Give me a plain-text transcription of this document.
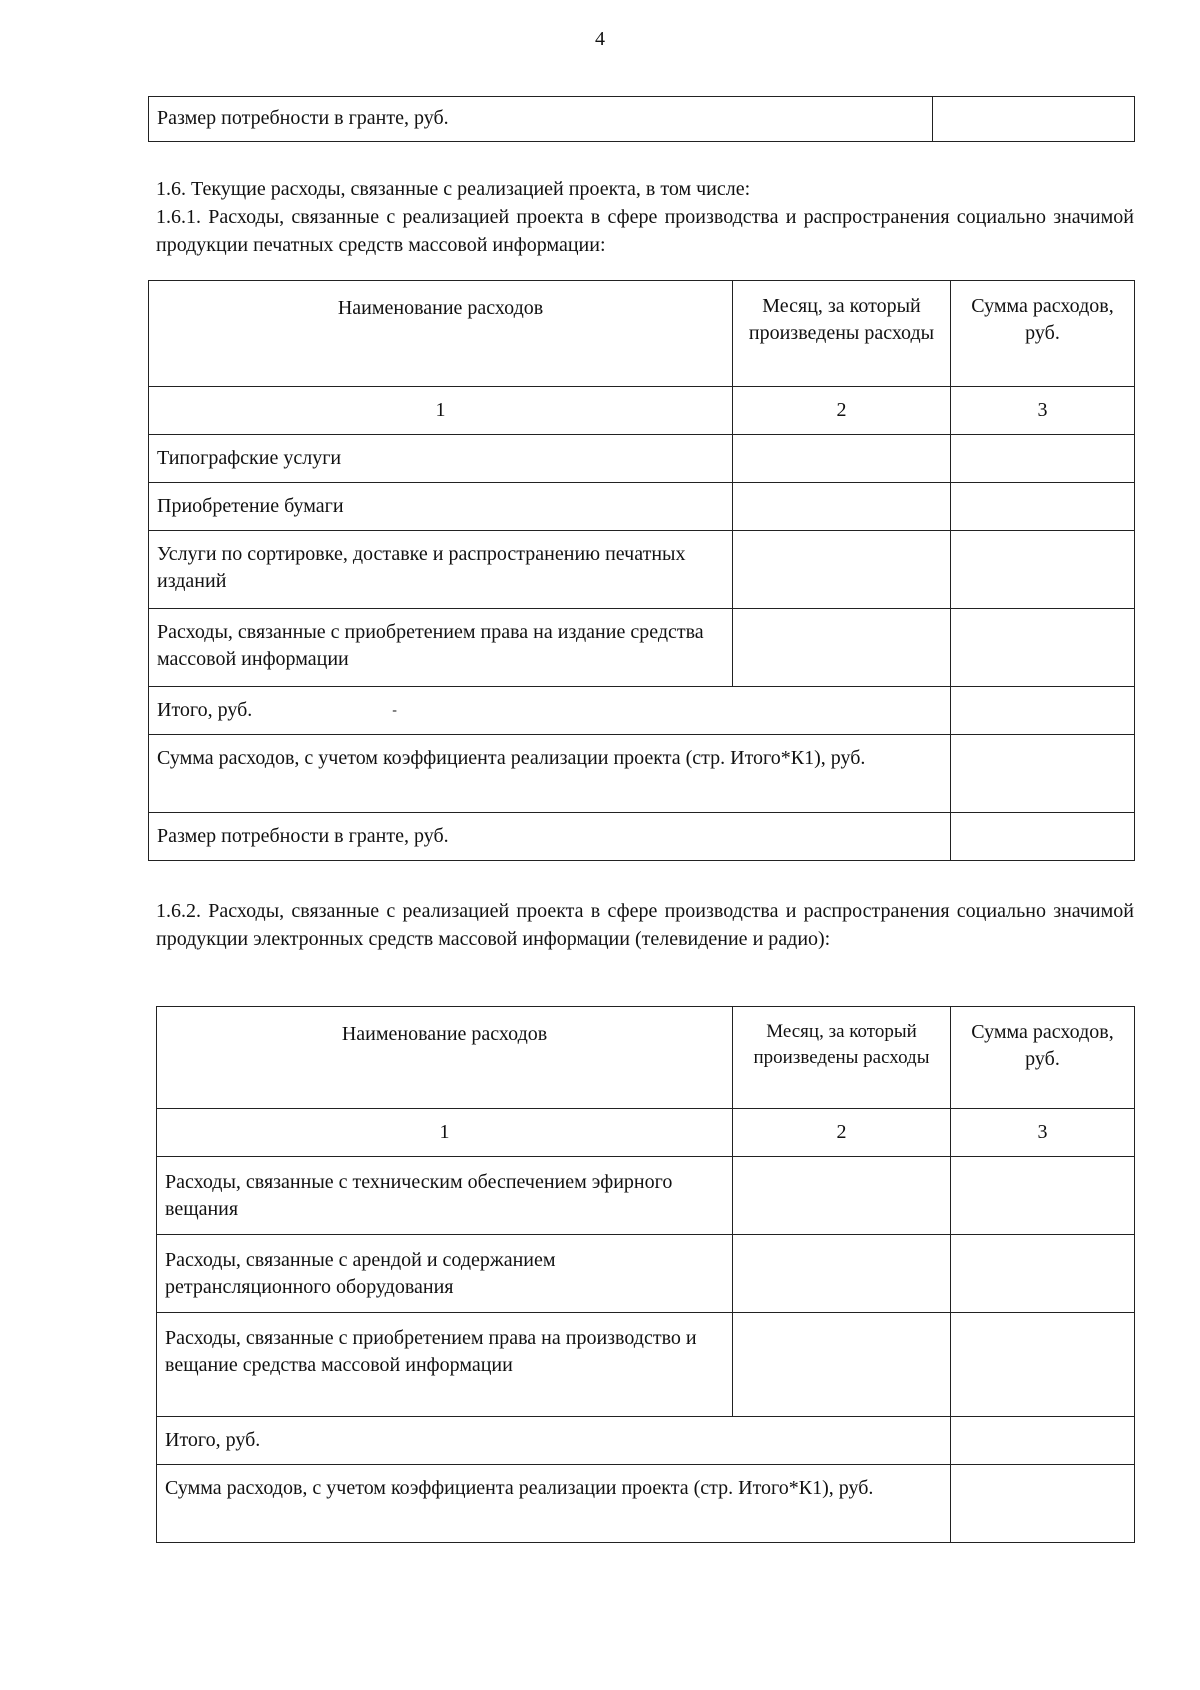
4
Размер потребности в гранте, руб.	
1.6. Текущие расходы, связанные с реализацией проекта, в том числе:
1.6.1. Расходы, связанные с реализацией проекта в сфере производства и распространения социально значимой продукции печатных средств массовой информации:
Наименование расходов	Месяц, за который произведены расходы	Сумма расходов, руб.
1	2	3
Типографские услуги		
Приобретение бумаги		
Услуги по сортировке, доставке и распространению печатных изданий		
Расходы, связанные с приобретением права на издание средства массовой информации		
Итого, руб. -		
Сумма расходов, с учетом коэффициента реализации проекта (стр. Итого*К1), руб.		
Размер потребности в гранте, руб.		
1.6.2. Расходы, связанные с реализацией проекта в сфере производства и распространения социально значимой продукции электронных средств массовой информации (телевидение и радио):
Наименование расходов	Месяц, за который произведены расходы	Сумма расходов, руб.
1	2	3
Расходы, связанные с техническим обеспечением эфирного вещания		
Расходы, связанные с арендой и содержанием ретрансляционного оборудования		
Расходы, связанные с приобретением права на производство и вещание средства массовой информации		
Итого, руб.		
Сумма расходов, с учетом коэффициента реализации проекта (стр. Итого*К1), руб.		
